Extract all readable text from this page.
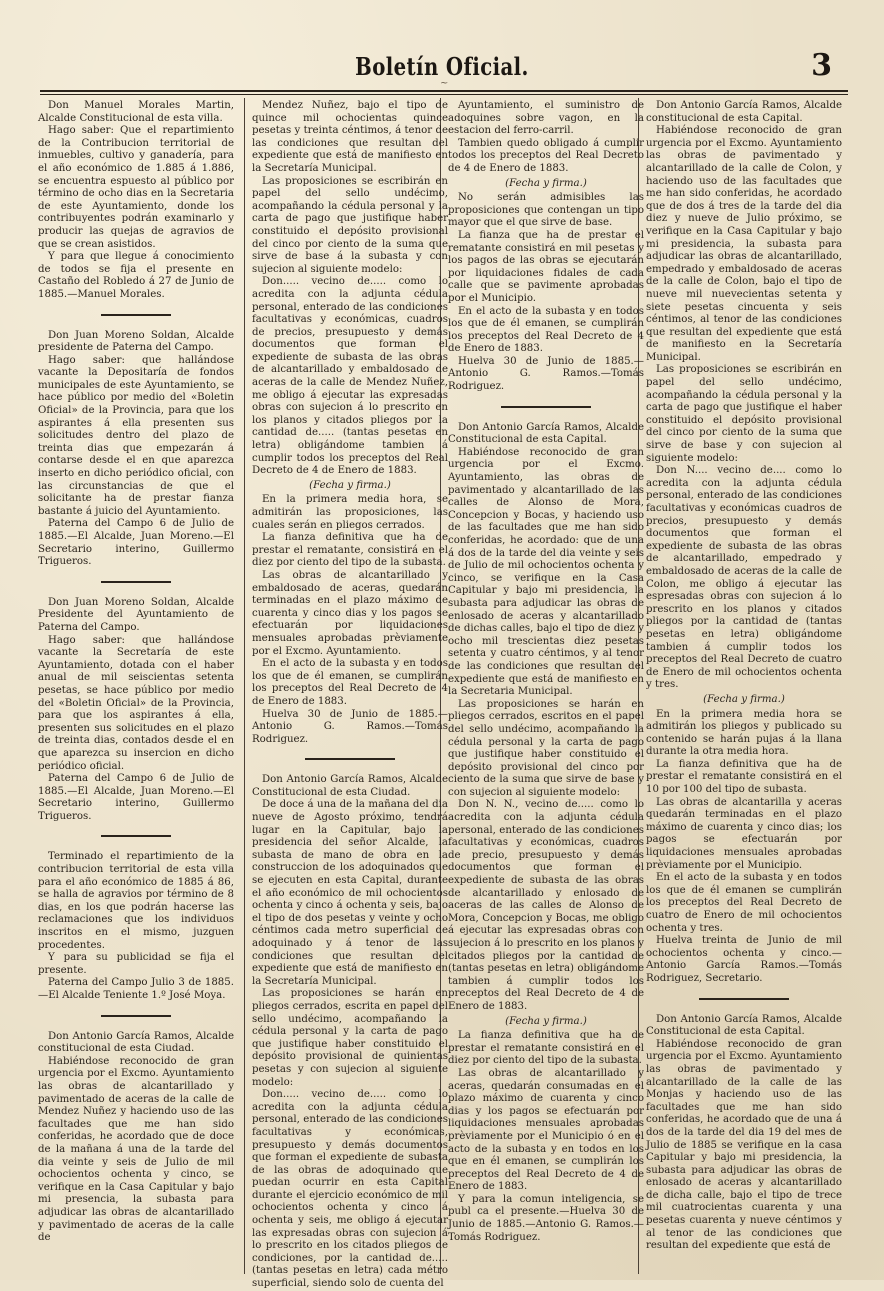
Boletín Oficial.	3
~

Don Manuel Morales Martin, Alcalde Constitucional de esta villa.

Hago saber: Que el repartimiento de la Contribucion territorial de inmuebles, cultivo y ganadería, para el año económico de 1.885 á 1.886, se encuentra espuesto al público por término de ocho dias en la Secretaria de este Ayuntamiento, donde los contribuyentes podrán examinarlo y producir las quejas de agravios de que se crean asistidos.

Y para que llegue á conocimiento de todos se fija el presente en Castaño del Robledo á 27 de Junio de 1885.—Manuel Morales.

Don Juan Moreno Soldan, Alcalde presidente de Paterna del Campo.

Hago saber: que hallándose vacante la Depositaría de fondos municipales de este Ayuntamiento, se hace público por medio del «Boletin Oficial» de la Provincia, para que los aspirantes á ella presenten sus solicitudes dentro del plazo de treinta dias que empezarán á contarse desde el en que aparezca inserto en dicho periódico oficial, con las circunstancias de que el solicitante ha de prestar fianza bastante á juicio del Ayuntamiento.

Paterna del Campo 6 de Julio de 1885.—El Alcalde, Juan Moreno.—El Secretario interino, Guillermo Trigueros.

Don Juan Moreno Soldan, Alcalde Presidente del Ayuntamiento de Paterna del Campo.

Hago saber: que hallándose vacante la Secretaría de este Ayuntamiento, dotada con el haber anual de mil seiscientas setenta pesetas, se hace público por medio del «Boletin Oficial» de la Provincia, para que los aspirantes á ella, presenten sus solicitudes en el plazo de treinta dias, contados desde el en que aparezca su insercion en dicho periódico oficial.

Paterna del Campo 6 de Julio de 1885.—El Alcalde, Juan Moreno.—El Secretario interino, Guillermo Trigueros.

Terminado el repartimiento de la contribucion territorial de esta villa para el año económico de 1885 á 86, se halla de agravios por término de 8 dias, en los que podrán hacerse las reclamaciones que los individuos inscritos en el mismo, juzguen procedentes.

Y para su publicidad se fija el presente.

Paterna del Campo Julio 3 de 1885.—El Alcalde Teniente 1.º José Moya.

Don Antonio García Ramos, Alcalde constitucional de esta Ciudad.

Habiéndose reconocido de gran urgencia por el Excmo. Ayuntamiento las obras de alcantarillado y pavimentado de aceras de la calle de Mendez Nuñez y haciendo uso de las facultades que me han sido conferidas, he acordado que de doce de la mañana á una de la tarde del dia veinte y seis de Julio de mil ochocientos ochenta y cinco, se verifique en la Casa Capitular y bajo mi presencia, la subasta para adjudicar las obras de alcantarillado y pavimentado de aceras de la calle de

Mendez Nuñez, bajo el tipo de quince mil ochocientas quince pesetas y treinta céntimos, á tenor de las condiciones que resultan del expediente que está de manifiesto en la Secretaría Municipal.

Las proposiciones se escribirán en papel del sello undécimo, acompañando la cédula personal y la carta de pago que justifique haber constituido el depósito provisional del cinco por ciento de la suma que sirve de base á la subasta y con sujecion al siguiente modelo:

Don..... vecino de..... como lo acredita con la adjunta cédula personal, enterado de las condiciones facultativas y económicas, cuadros de precios, presupuesto y demás documentos que forman el expediente de subasta de las obras de alcantarillado y embaldosado de aceras de la calle de Mendez Nuñez, me obligo á ejecutar las expresadas obras con sujecion á lo prescrito en los planos y citados pliegos por la cantidad de..... (tantas pesetas en letra) obligándome tambien á cumplir todos los preceptos del Real Decreto de 4 de Enero de 1883.

(Fecha y firma.)

En la primera media hora, se admitirán las proposiciones, las cuales serán en pliegos cerrados.

La fianza definitiva que ha de prestar el rematante, consistirá en el diez por ciento del tipo de la subasta.

Las obras de alcantarillado y embaldosado de aceras, quedarán terminadas en el plazo máximo de cuarenta y cinco dias y los pagos se efectuarán por liquidaciones mensuales aprobadas prèviamente por el Excmo. Ayuntamiento.

En el acto de la subasta y en todos los que de él emanen, se cumplirán los preceptos del Real Decreto de 4 de Enero de 1883.

Huelva 30 de Junio de 1885.—Antonio G. Ramos.—Tomás Rodriguez.

Don Antonio García Ramos, Alcalde Constitucional de esta Ciudad.

De doce á una de la mañana del dia nueve de Agosto próximo, tendrá lugar en la Capitular, bajo la presidencia del señor Alcalde, la subasta de mano de obra en la construccion de los adoquinados que se ejecuten en esta Capital, durante el año económico de mil ochocientos ochenta y cinco á ochenta y seis, bajo el tipo de dos pesetas y veinte y ocho céntimos cada metro superficial de adoquinado y á tenor de las condiciones que resultan del expediente que está de manifiesto en la Secretaría Municipal.

Las proposiciones se harán en pliegos cerrados, escrita en papel del sello undécimo, acompañando la cédula personal y la carta de pago que justifique haber constituido el depósito provisional de quinientas pesetas y con sujecion al siguiente modelo:

Don..... vecino de..... como lo acredita con la adjunta cédula personal, enterado de las condiciones facultativas y económicas, presupuesto y demás documentos que forman el expediente de subasta de las obras de adoquinado que puedan ocurrir en esta Capital durante el ejercicio económico de mil ochocientos ochenta y cinco á ochenta y seis, me obligo á ejecutar las expresadas obras con sujecion á lo prescrito en los citados pliegos de condiciones, por la cantidad de..... (tantas pesetas en letra) cada métro superficial, siendo solo de cuenta del

Ayuntamiento, el suministro de adoquines sobre vagon, en la estacion del ferro-carril.

Tambien quedo obligado á cumplir todos los preceptos del Real Decreto de 4 de Enero de 1883.

(Fecha y firma.)

No serán admisibles las proposiciones que contengan un tipo mayor que el que sirve de base.

La fianza que ha de prestar el rematante consistirá en mil pesetas y los pagos de las obras se ejecutarán por liquidaciones fidales de cada calle que se pavimente aprobadas por el Municipio.

En el acto de la subasta y en todos los que de él emanen, se cumplirán los preceptos del Real Decreto de 4 de Enero de 1883.

Huelva 30 de Junio de 1885.—Antonio G. Ramos.—Tomás Rodriguez.

Don Antonio García Ramos, Alcalde Constitucional de esta Capital.

Habiéndose reconocido de gran urgencia por el Excmo. Ayuntamiento, las obras de pavimentado y alcantarillado de las calles de Alonso de Mora, Concepcion y Bocas, y haciendo uso de las facultades que me han sido conferidas, he acordado: que de una á dos de la tarde del dia veinte y seis de Julio de mil ochocientos ochenta y cinco, se verifique en la Casa Capitular y bajo mi presidencia, la subasta para adjudicar las obras de enlosado de aceras y alcantarillado de dichas calles, bajo el tipo de diez y ocho mil trescientas diez pesetas setenta y cuatro céntimos, y al tenor de las condiciones que resultan del expediente que está de manifiesto en la Secretaria Municipal.

Las proposiciones se harán en pliegos cerrados, escritos en el papel del sello undécimo, acompañando la cédula personal y la carta de pago que justifique haber constituido el depósito provisional del cinco por ciento de la suma que sirve de base y con sujecion al siguiente modelo:

Don N. N., vecino de..... como lo acredita con la adjunta cédula personal, enterado de las condiciones facultativas y económicas, cuadros de precio, presupuesto y demás documentos que forman el expediente de subasta de las obras de alcantarillado y enlosado de aceras de las calles de Alonso de Mora, Concepcion y Bocas, me obligo á ejecutar las expresadas obras con sujecion á lo prescrito en los planos y citados pliegos por la cantidad de (tantas pesetas en letra) obligándome tambien á cumplir todos los preceptos del Real Decreto de 4 de Enero de 1883.

(Fecha y firma.)

La fianza definitiva que ha de prestar el rematante consistirá en el diez por ciento del tipo de la subasta.

Las obras de alcantarillado y aceras, quedarán consumadas en el plazo máximo de cuarenta y cinco dias y los pagos se efectuarán por liquidaciones mensuales aprobadas prèviamente por el Municipio ó en el acto de la subasta y en todos en los que en él emanen, se cumplirán los preceptos del Real Decreto de 4 de Enero de 1883.

Y para la comun inteligencia, se publ ca el presente.—Huelva 30 de Junio de 1885.—Antonio G. Ramos.—Tomás Rodriguez.

Don Antonio García Ramos, Alcalde constitucional de esta Capital.

Habiéndose reconocido de gran urgencia por el Excmo. Ayuntamiento las obras de pavimentado y alcantarillado de la calle de Colon, y haciendo uso de las facultades que me han sido conferidas, he acordado que de dos á tres de la tarde del dia diez y nueve de Julio próximo, se verifique en la Casa Capitular y bajo mi presidencia, la subasta para adjudicar las obras de alcantarillado, empedrado y embaldosado de aceras de la calle de Colon, bajo el tipo de nueve mil nuevecientas setenta y siete pesetas cincuenta y seis céntimos, al tenor de las condiciones que resultan del expediente que está de manifiesto en la Secretaría Municipal.

Las proposiciones se escribirán en papel del sello undécimo, acompañando la cédula personal y la carta de pago que justifique el haber constituido el depósito provisional del cinco por ciento de la suma que sirve de base y con sujecion al siguiente modelo:

Don N.... vecino de.... como lo acredita con la adjunta cédula personal, enterado de las condiciones facultativas y económicas cuadros de precios, presupuesto y demás documentos que forman el expediente de subasta de las obras de alcantarillado, empedrado y embaldosado de aceras de la calle de Colon, me obligo á ejecutar las espresadas obras con sujecion á lo prescrito en los planos y citados pliegos por la cantidad de (tantas pesetas en letra) obligándome tambien á cumplir todos los preceptos del Real Decreto de cuatro de Enero de mil ochocientos ochenta y tres.

(Fecha y firma.)

En la primera media hora se admitirán los pliegos y publicado su contenido se harán pujas á la llana durante la otra media hora.

La fianza definitiva que ha de prestar el rematante consistirá en el 10 por 100 del tipo de subasta.

Las obras de alcantarilla y aceras quedarán terminadas en el plazo máximo de cuarenta y cinco dias; los pagos se efectuarán por liquidaciones mensuales aprobadas prèviamente por el Municipio.

En el acto de la subasta y en todos los que de él emanen se cumplirán los preceptos del Real Decreto de cuatro de Enero de mil ochocientos ochenta y tres.

Huelva treinta de Junio de mil ochocientos ochenta y cinco.—Antonio García Ramos.—Tomás Rodriguez, Secretario.

Don Antonio García Ramos, Alcalde Constitucional de esta Capital.

Habiéndose reconocido de gran urgencia por el Excmo. Ayuntamiento las obras de pavimentado y alcantarillado de la calle de las Monjas y haciendo uso de las facultades que me han sido conferidas, he acordado que de una á dos de la tarde del dia 19 del mes de Julio de 1885 se verifique en la casa Capitular y bajo mi presidencia, la subasta para adjudicar las obras de enlosado de aceras y alcantarillado de dicha calle, bajo el tipo de trece mil cuatrocientas cuarenta y una pesetas cuarenta y nueve céntimos y al tenor de las condiciones que resultan del expediente que está de
